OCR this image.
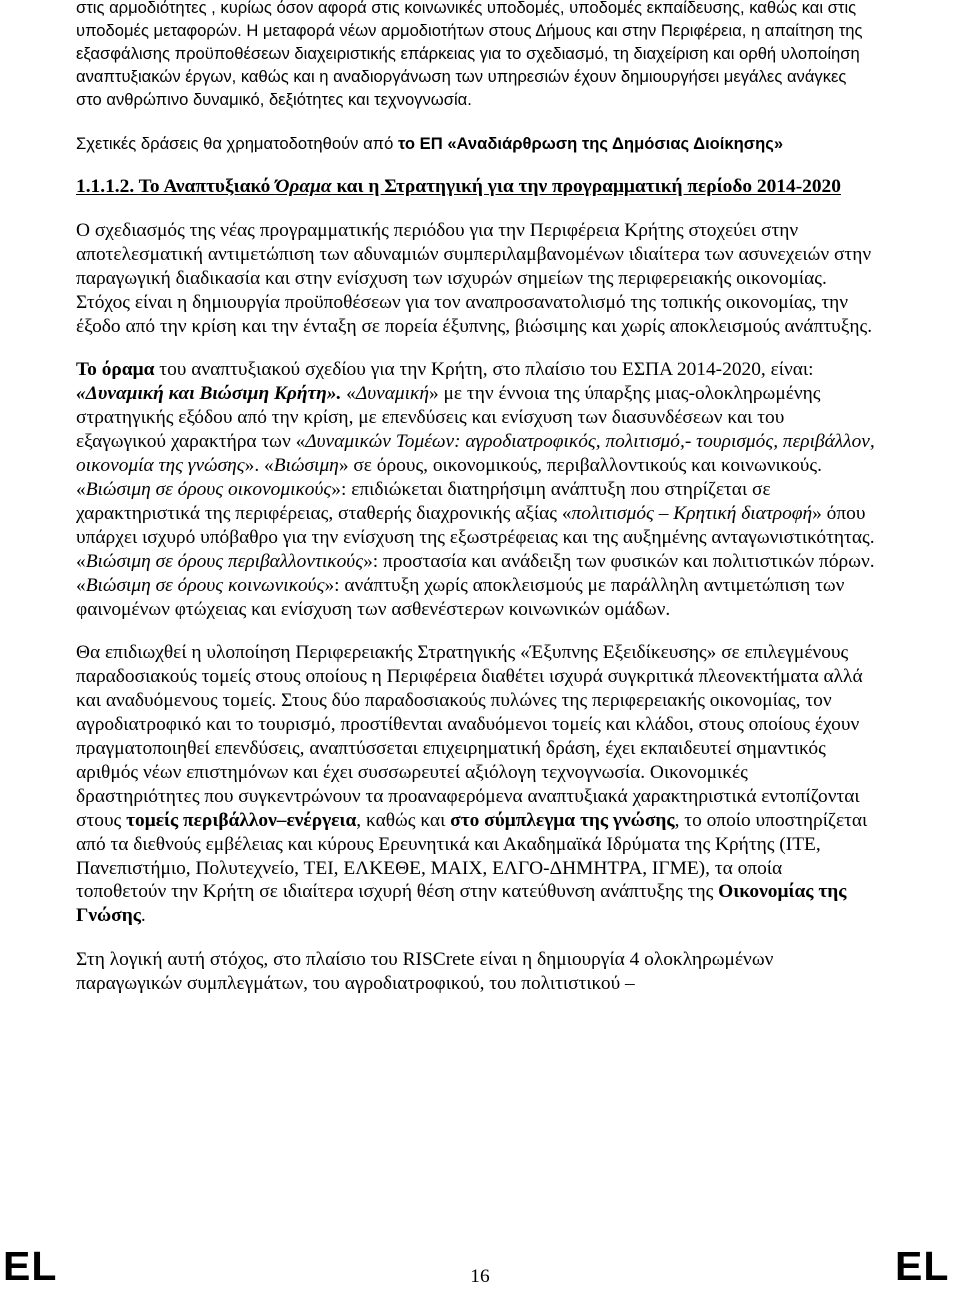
στις αρμοδιότητες , κυρίως όσον αφορά στις κοινωνικές υποδομές, υποδομές εκπαίδευσης, καθώς και στις υποδομές μεταφορών. Η μεταφορά νέων αρμοδιοτήτων στους Δήμους και στην Περιφέρεια, η απαίτηση της εξασφάλισης προϋποθέσεων διαχειριστικής επάρκειας για το σχεδιασμό, τη διαχείριση και ορθή υλοποίηση αναπτυξιακών έργων, καθώς και η αναδιοργάνωση των υπηρεσιών έχουν δημιουργήσει μεγάλες ανάγκες στο ανθρώπινο δυναμικό, δεξιότητες και τεχνογνωσία.

Σχετικές δράσεις θα χρηματοδοτηθούν από το ΕΠ «Αναδιάρθρωση της Δημόσιας Διοίκησης»

1.1.1.2. Το Αναπτυξιακό Όραμα και η Στρατηγική για την προγραμματική περίοδο 2014-2020

Ο σχεδιασμός της νέας προγραμματικής περιόδου για την Περιφέρεια Κρήτης στοχεύει στην αποτελεσματική αντιμετώπιση των αδυναμιών συμπεριλαμβανομένων ιδιαίτερα των ασυνεχειών στην παραγωγική διαδικασία και στην ενίσχυση των ισχυρών σημείων της περιφερειακής οικονομίας. Στόχος είναι η δημιουργία προϋποθέσεων για τον αναπροσανατολισμό της τοπικής οικονομίας, την έξοδο από την κρίση και την ένταξη σε πορεία έξυπνης, βιώσιμης και χωρίς αποκλεισμούς ανάπτυξης.

Το όραμα του αναπτυξιακού σχεδίου για την Κρήτη, στο πλαίσιο του ΕΣΠΑ 2014-2020, είναι: «Δυναμική και Βιώσιμη Κρήτη». «Δυναμική» με την έννοια της ύπαρξης μιας-ολοκληρωμένης στρατηγικής εξόδου από την κρίση, με επενδύσεις και ενίσχυση των διασυνδέσεων και του εξαγωγικού χαρακτήρα των «Δυναμικών Τομέων: αγροδιατροφικός, πολιτισμό,- τουρισμός, περιβάλλον, οικονομία της γνώσης». «Βιώσιμη» σε όρους, οικονομικούς, περιβαλλοντικούς και κοινωνικούς. «Βιώσιμη σε όρους οικονομικούς»: επιδιώκεται διατηρήσιμη ανάπτυξη που στηρίζεται σε χαρακτηριστικά της περιφέρειας, σταθερής διαχρονικής αξίας «πολιτισμός – Κρητική διατροφή» όπου υπάρχει ισχυρό υπόβαθρο για την ενίσχυση της εξωστρέφειας και της αυξημένης ανταγωνιστικότητας. «Βιώσιμη σε όρους περιβαλλοντικούς»: προστασία και ανάδειξη των φυσικών και πολιτιστικών πόρων. «Βιώσιμη σε όρους κοινωνικούς»: ανάπτυξη χωρίς αποκλεισμούς με παράλληλη αντιμετώπιση των φαινομένων φτώχειας και ενίσχυση των ασθενέστερων κοινωνικών ομάδων.

Θα επιδιωχθεί η υλοποίηση Περιφερειακής Στρατηγικής «Έξυπνης Εξειδίκευσης» σε επιλεγμένους παραδοσιακούς τομείς στους οποίους η Περιφέρεια διαθέτει ισχυρά συγκριτικά πλεονεκτήματα αλλά και αναδυόμενους τομείς. Στους δύο παραδοσιακούς πυλώνες της περιφερειακής οικονομίας, τον αγροδιατροφικό και το τουρισμό, προστίθενται αναδυόμενοι τομείς και κλάδοι, στους οποίους έχουν πραγματοποιηθεί επενδύσεις, αναπτύσσεται επιχειρηματική δράση, έχει εκπαιδευτεί σημαντικός αριθμός νέων επιστημόνων και έχει συσσωρευτεί αξιόλογη τεχνογνωσία. Οικονομικές δραστηριότητες που συγκεντρώνουν τα προαναφερόμενα αναπτυξιακά χαρακτηριστικά εντοπίζονται στους τομείς περιβάλλον–ενέργεια, καθώς και στο σύμπλεγμα της γνώσης, το οποίο υποστηρίζεται από τα διεθνούς εμβέλειας και κύρους Ερευνητικά και Ακαδημαϊκά Ιδρύματα της Κρήτης (ΙΤΕ, Πανεπιστήμιο, Πολυτεχνείο, ΤΕΙ, ΕΛΚΕΘΕ, ΜΑΙΧ, ΕΛΓΟ-ΔΗΜΗΤΡΑ, ΙΓΜΕ), τα οποία τοποθετούν την Κρήτη σε ιδιαίτερα ισχυρή θέση στην κατεύθυνση ανάπτυξης της Οικονομίας της Γνώσης.

Στη λογική αυτή στόχος, στο πλαίσιο του RISCrete είναι η δημιουργία 4 ολοκληρωμένων παραγωγικών συμπλεγμάτων, του αγροδιατροφικού, του πολιτιστικού –

EL	16	EL
